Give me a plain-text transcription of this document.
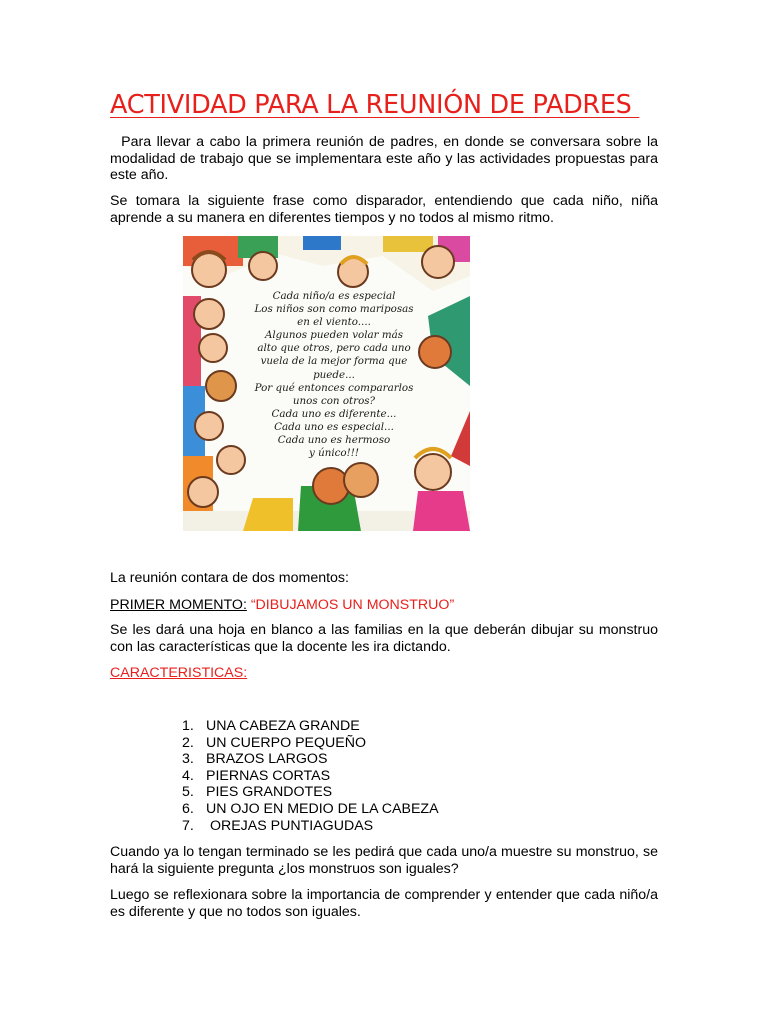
ACTIVIDAD PARA LA REUNIÓN DE PADRES

Para llevar a cabo la primera reunión de padres, en donde se conversara sobre la modalidad de trabajo que se implementara este año y las actividades propuestas para este año.

Se tomara la siguiente frase como disparador, entendiendo que cada niño, niña aprende a su manera en diferentes tiempos y no todos al mismo ritmo.

Cada niño/a es especial
Los niños son como mariposas
en el viento....
Algunos pueden volar más
alto que otros, pero cada uno
vuela de la mejor forma que
puede...
Por qué entonces compararlos
unos con otros?
Cada uno es diferente...
Cada uno es especial...
Cada uno es hermoso
y único!!!

La reunión contara de dos momentos:

PRIMER MOMENTO: “DIBUJAMOS UN MONSTRUO”

Se les dará una hoja en blanco a las familias en la que deberán dibujar su monstruo con las características que la docente les ira dictando.

CARACTERISTICAS:

1. UNA CABEZA GRANDE
2. UN CUERPO PEQUEÑO
3. BRAZOS LARGOS
4. PIERNAS CORTAS
5. PIES GRANDOTES
6. UN OJO EN MEDIO DE LA CABEZA
7. OREJAS PUNTIAGUDAS

Cuando ya lo tengan terminado se les pedirá que cada uno/a muestre su monstruo, se hará la siguiente pregunta ¿los monstruos son iguales?

Luego se reflexionara sobre la importancia de comprender y entender que cada niño/a es diferente y que no todos son iguales.
